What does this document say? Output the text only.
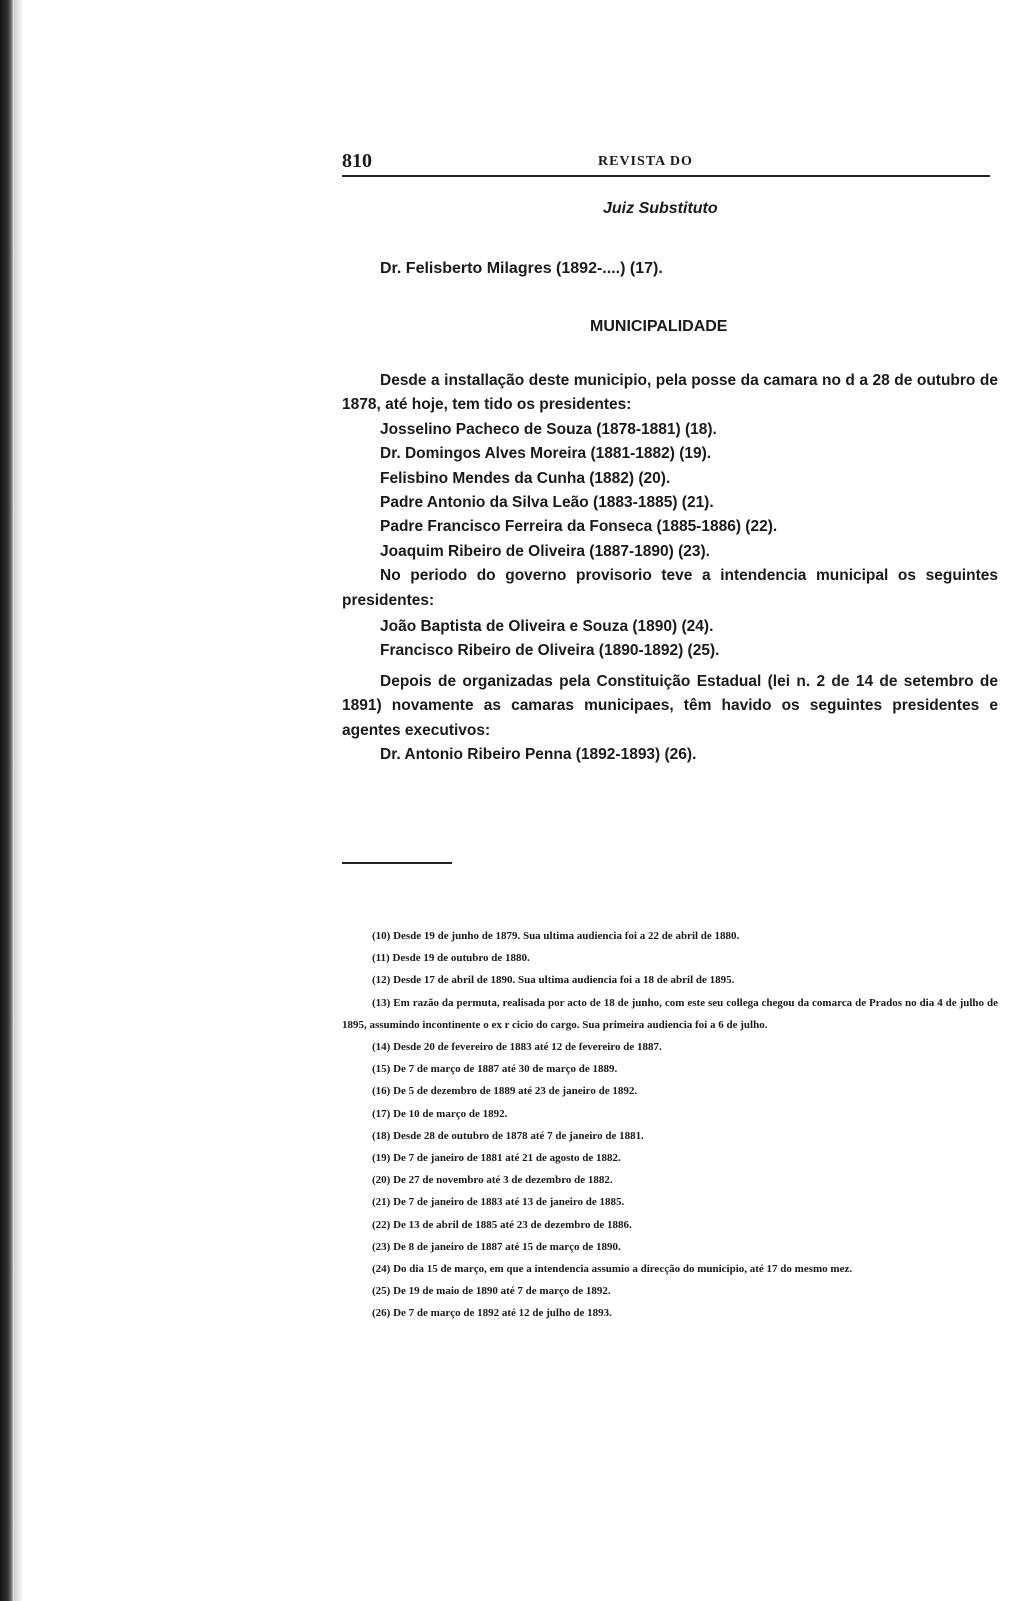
810	REVISTA DO
Juiz Substituto
Dr. Felisberto Milagres (1892-....) (17).
MUNICIPALIDADE

Desde a installação deste municipio, pela posse da camara no d a 28 de outubro de 1878, até hoje, tem tido os presidentes:

Josselino Pacheco de Souza (1878-1881) (18).

Dr. Domingos Alves Moreira (1881-1882) (19).

Felisbino Mendes da Cunha (1882) (20).

Padre Antonio da Silva Leão (1883-1885) (21).

Padre Francisco Ferreira da Fonseca (1885-1886) (22).

Joaquim Ribeiro de Oliveira (1887-1890) (23).

No periodo do governo provisorio teve a intendencia municipal os seguintes presidentes:

João Baptista de Oliveira e Souza (1890) (24).

Francisco Ribeiro de Oliveira (1890-1892) (25).

Depois de organizadas pela Constituição Estadual (lei n. 2 de 14 de setembro de 1891) novamente as camaras municipaes, têm havido os seguintes presidentes e agentes executivos:

Dr. Antonio Ribeiro Penna (1892-1893) (26).

(10) Desde 19 de junho de 1879. Sua ultima audiencia foi a 22 de abril de 1880.

(11) Desde 19 de outubro de 1880.

(12) Desde 17 de abril de 1890. Sua ultima audiencia foi a 18 de abril de 1895.

(13) Em razão da permuta, realisada por acto de 18 de junho, com este seu collega chegou da comarca de Prados no dia 4 de julho de 1895, assumindo incontinente o ex r cicio do cargo. Sua primeira audiencia foi a 6 de julho.

(14) Desde 20 de fevereiro de 1883 até 12 de fevereiro de 1887.

(15) De 7 de março de 1887 até 30 de março de 1889.

(16) De 5 de dezembro de 1889 até 23 de janeiro de 1892.

(17) De 10 de março de 1892.

(18) Desde 28 de outubro de 1878 até 7 de janeiro de 1881.

(19) De 7 de janeiro de 1881 até 21 de agosto de 1882.

(20) De 27 de novembro até 3 de dezembro de 1882.

(21) De 7 de janeiro de 1883 até 13 de janeiro de 1885.

(22) De 13 de abril de 1885 até 23 de dezembro de 1886.

(23) De 8 de janeiro de 1887 até 15 de março de 1890.

(24) Do dia 15 de março, em que a intendencia assumio a direcção do municipio, até 17 do mesmo mez.

(25) De 19 de maio de 1890 até 7 de março de 1892.

(26) De 7 de março de 1892 até 12 de julho de 1893.
